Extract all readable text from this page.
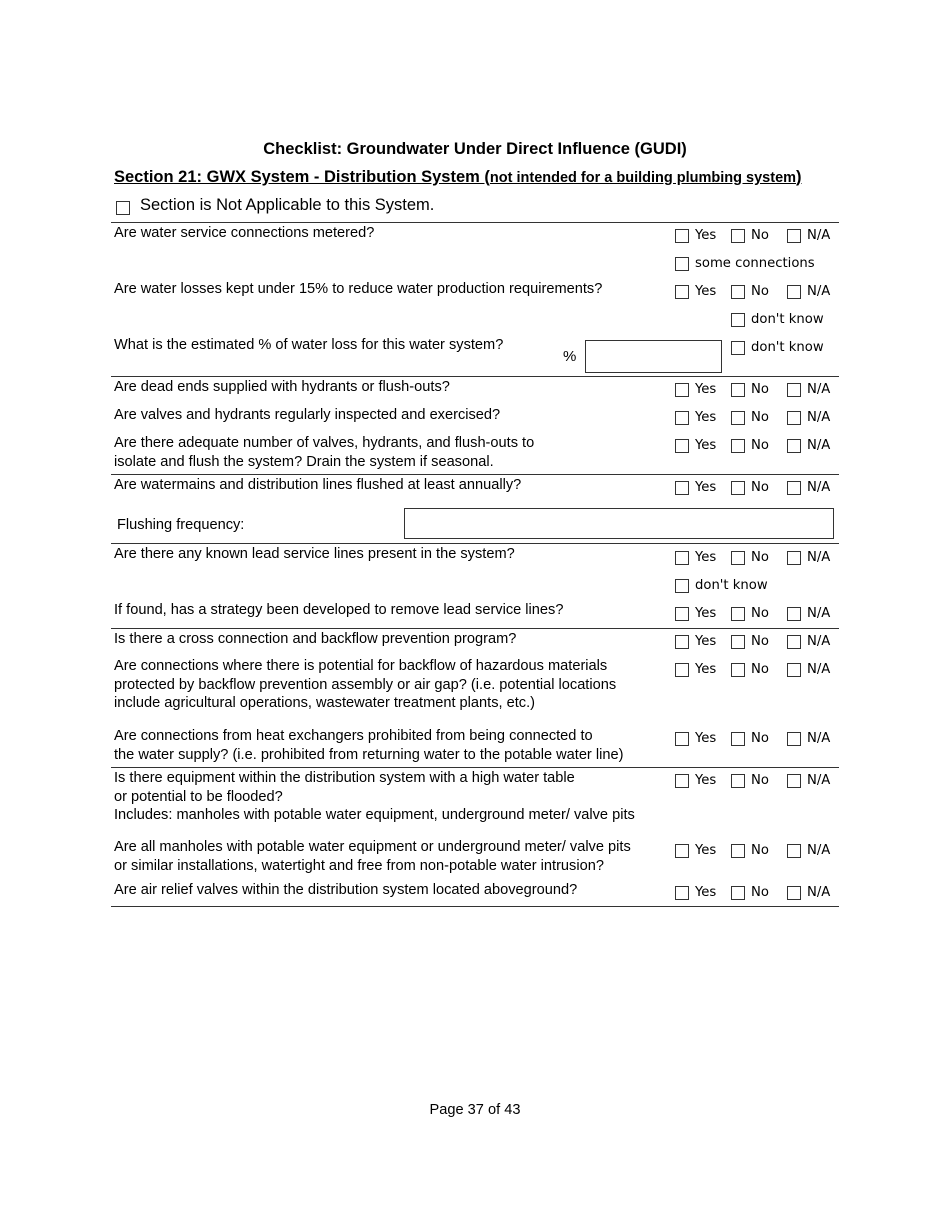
Checklist: Groundwater Under Direct Influence (GUDI)
Section 21: GWX System - Distribution System (not intended for a building plumbing system)
Section is Not Applicable to this System.
Are water service connections metered?	Yes	No	N/A
some connections
Are water losses kept under 15% to reduce water production requirements?	Yes	No	N/A
don't know
What is the estimated % of water loss for this water system?
%
don't know
Are dead ends supplied with hydrants or flush-outs?	Yes	No	N/A
Are valves and hydrants regularly inspected and exercised?	Yes	No	N/A
Are there adequate number of valves, hydrants, and flush-outs to
isolate and flush the system? Drain the system if seasonal.
Yes	No	N/A
Are watermains and distribution lines flushed at least annually?	Yes	No	N/A
Flushing frequency:
Are there any known lead service lines present in the system?	Yes	No	N/A
don't know
If found, has a strategy been developed to remove lead service lines?	Yes	No	N/A
Is there a cross connection and backflow prevention program?	Yes	No	N/A
Are connections where there is potential for backflow of hazardous materials
protected by backflow prevention assembly or air gap? (i.e. potential locations
include agricultural operations, wastewater treatment plants, etc.)
Yes	No	N/A
Are connections from heat exchangers prohibited from being connected to
the water supply? (i.e. prohibited from returning water to the potable water line)
Yes	No	N/A
Is there equipment within the distribution system with a high water table
or potential to be flooded?
Includes: manholes with potable water equipment, underground meter/ valve pits
Yes	No	N/A
Are all manholes with potable water equipment or underground meter/ valve pits
or similar installations, watertight and free from non-potable water intrusion?
Yes	No	N/A
Are air relief valves within the distribution system located aboveground?	Yes	No	N/A
Page 37 of 43
